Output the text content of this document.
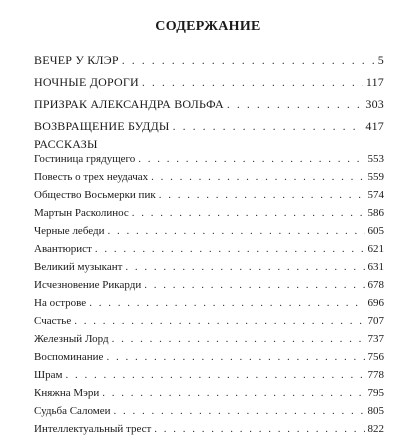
СОДЕРЖАНИЕ
ВЕЧЕР У КЛЭР . . .	5
НОЧНЫЕ ДОРОГИ . . .	117
ПРИЗРАК АЛЕКСАНДРА ВОЛЬФА . . .	303
ВОЗВРАЩЕНИЕ БУДДЫ . . .	417
РАССКАЗЫ
Гостиница грядущего . . .	553
Повесть о трех неудачах . . .	559
Общество Восьмерки пик . . .	574
Мартын Расколинос . . .	586
Черные лебеди . . .	605
Авантюрист . . .	621
Великий музыкант . . .	631
Исчезновение Рикарди . . .	678
На острове . . .	696
Счастье . . .	707
Железный Лорд . . .	737
Воспоминание . . .	756
Шрам . . .	778
Княжна Мэри . . .	795
Судьба Саломеи . . .	805
Интеллектуальный трест . . .	822
